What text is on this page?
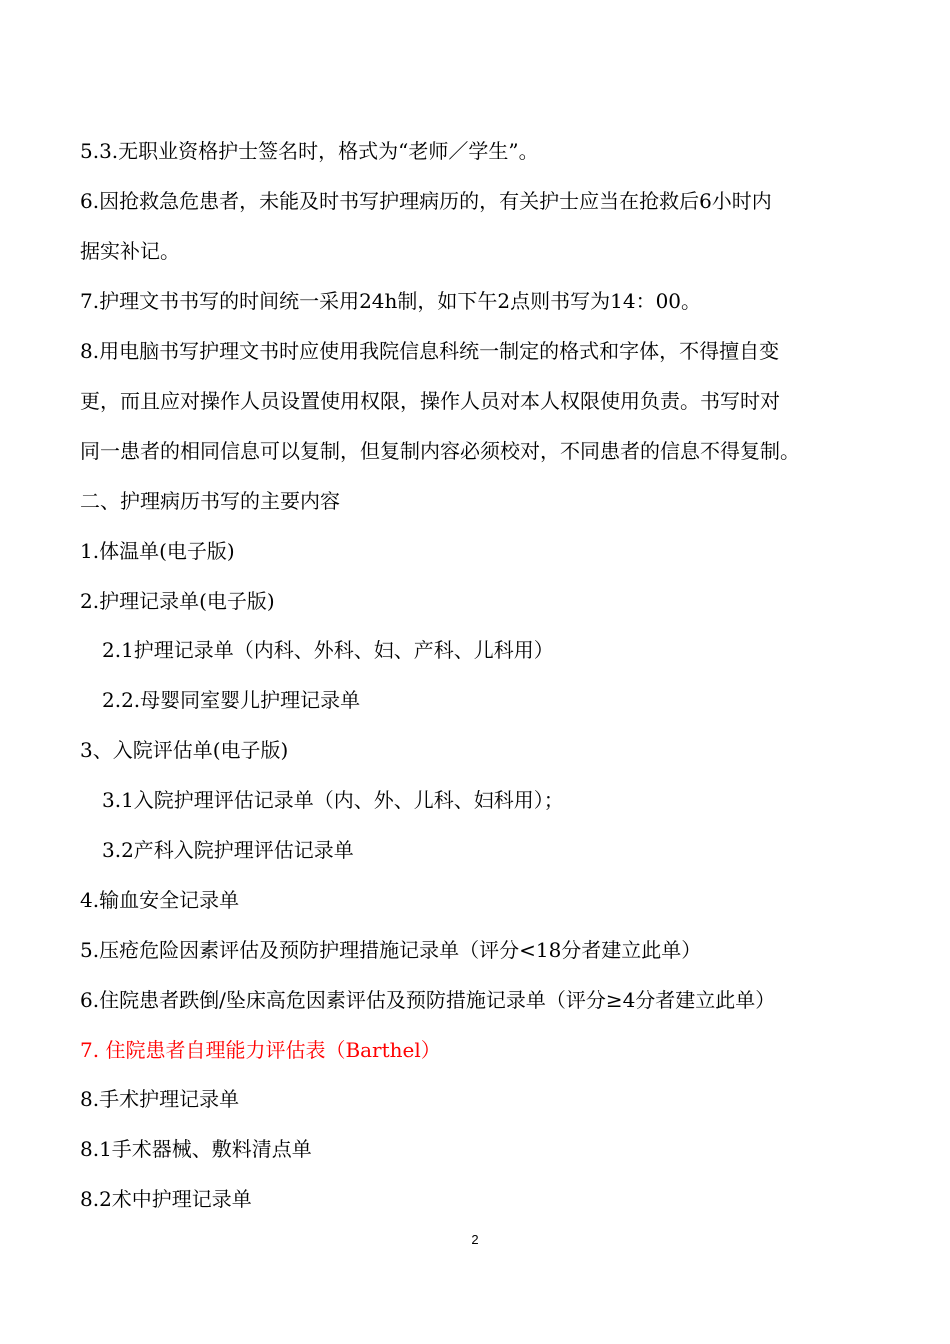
5.3.无职业资格护士签名时，格式为“老师／学生”。
6.因抢救急危患者，未能及时书写护理病历的，有关护士应当在抢救后6小时内
据实补记。
7.护理文书书写的时间统一采用24h制，如下午2点则书写为14：00。
8.用电脑书写护理文书时应使用我院信息科统一制定的格式和字体，不得擅自变
更，而且应对操作人员设置使用权限，操作人员对本人权限使用负责。书写时对
同一患者的相同信息可以复制，但复制内容必须校对，不同患者的信息不得复制。
二、护理病历书写的主要内容
1.体温单(电子版)
2.护理记录单(电子版)
2.1护理记录单（内科、外科、妇、产科、儿科用）
2.2.母婴同室婴儿护理记录单
3、入院评估单(电子版)
3.1入院护理评估记录单（内、外、儿科、妇科用）；
3.2产科入院护理评估记录单
4.输血安全记录单
5.压疮危险因素评估及预防护理措施记录单（评分<18分者建立此单）
6.住院患者跌倒/坠床高危因素评估及预防措施记录单（评分≥4分者建立此单）
7. 住院患者自理能力评估表（Barthel）
8.手术护理记录单
8.1手术器械、敷料清点单
8.2术中护理记录单
2
